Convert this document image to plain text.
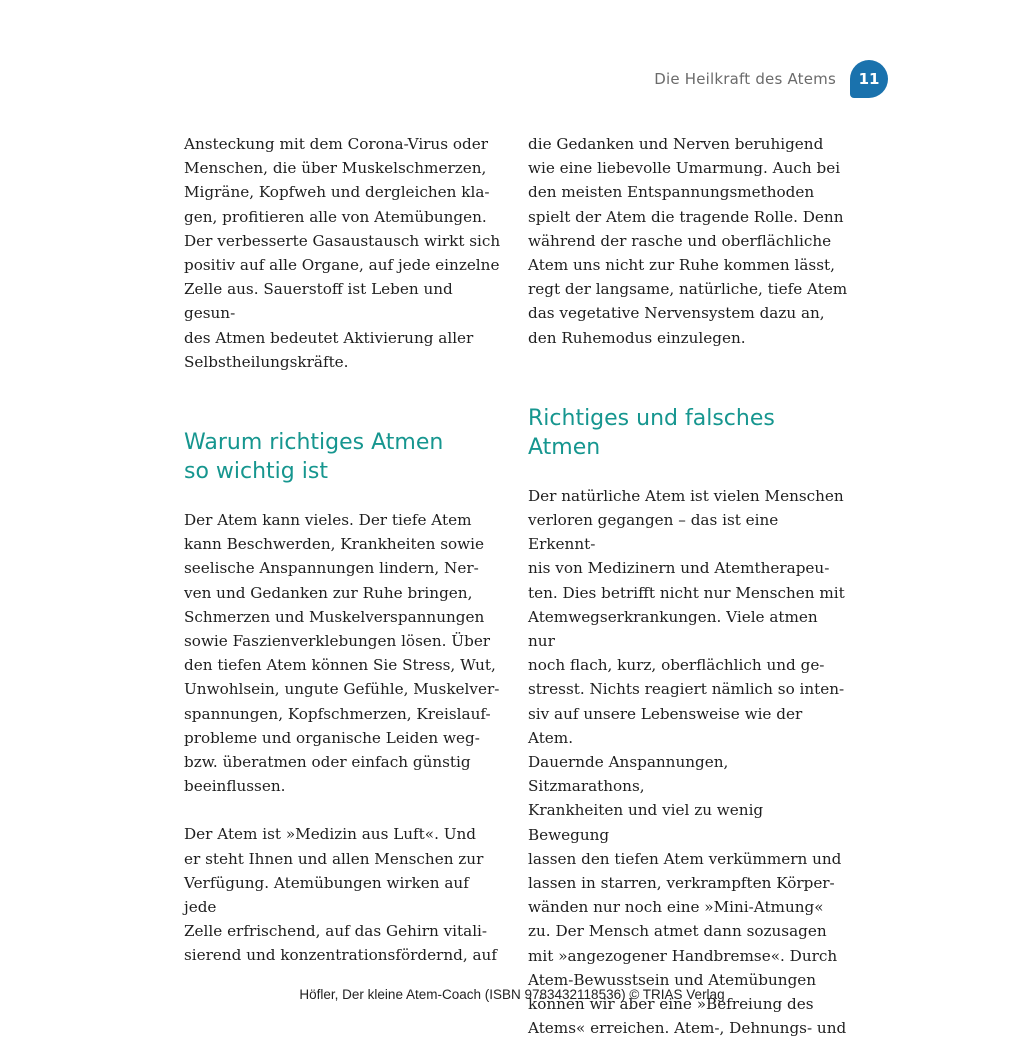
Die Heilkraft des Atems 11

Ansteckung mit dem Corona-Virus oder
Menschen, die über Muskelschmerzen,
Migräne, Kopfweh und dergleichen kla-
gen, profitieren alle von Atemübungen.
Der verbesserte Gasaustausch wirkt sich
positiv auf alle Organe, auf jede einzelne
Zelle aus. Sauerstoff ist Leben und gesun-
des Atmen bedeutet Aktivierung aller
Selbstheilungskräfte.

Warum richtiges Atmen
so wichtig ist

Der Atem kann vieles. Der tiefe Atem
kann Beschwerden, Krankheiten sowie
seelische Anspannungen lindern, Ner-
ven und Gedanken zur Ruhe bringen,
Schmerzen und Muskelverspannungen
sowie Faszienverklebungen lösen. Über
den tiefen Atem können Sie Stress, Wut,
Unwohlsein, ungute Gefühle, Muskelver-
spannungen, Kopfschmerzen, Kreislauf-
probleme und organische Leiden weg-
bzw. überatmen oder einfach günstig
beeinflussen.

Der Atem ist »Medizin aus Luft«. Und
er steht Ihnen und allen Menschen zur
Verfügung. Atemübungen wirken auf jede
Zelle erfrischend, auf das Gehirn vitali-
sierend und konzentrationsfördernd, auf

die Gedanken und Nerven beruhigend
wie eine liebevolle Umarmung. Auch bei
den meisten Entspannungsmethoden
spielt der Atem die tragende Rolle. Denn
während der rasche und oberflächliche
Atem uns nicht zur Ruhe kommen lässt,
regt der langsame, natürliche, tiefe Atem
das vegetative Nervensystem dazu an,
den Ruhemodus einzulegen.

Richtiges und falsches
Atmen

Der natürliche Atem ist vielen Menschen
verloren gegangen – das ist eine Erkennt-
nis von Medizinern und Atemtherapeu-
ten. Dies betrifft nicht nur Menschen mit
Atemwegserkrankungen. Viele atmen nur
noch flach, kurz, oberflächlich und ge-
stresst. Nichts reagiert nämlich so inten-
siv auf unsere Lebensweise wie der Atem.
Dauernde Anspannungen, Sitzmarathons,
Krankheiten und viel zu wenig Bewegung
lassen den tiefen Atem verkümmern und
lassen in starren, verkrampften Körper-
wänden nur noch eine »Mini-Atmung«
zu. Der Mensch atmet dann sozusagen
mit »angezogener Handbremse«. Durch
Atem-Bewusstsein und Atemübungen
können wir aber eine »Befreiung des
Atems« erreichen. Atem-, Dehnungs- und

Höfler, Der kleine Atem-Coach (ISBN 9783432118536) © TRIAS Verlag
